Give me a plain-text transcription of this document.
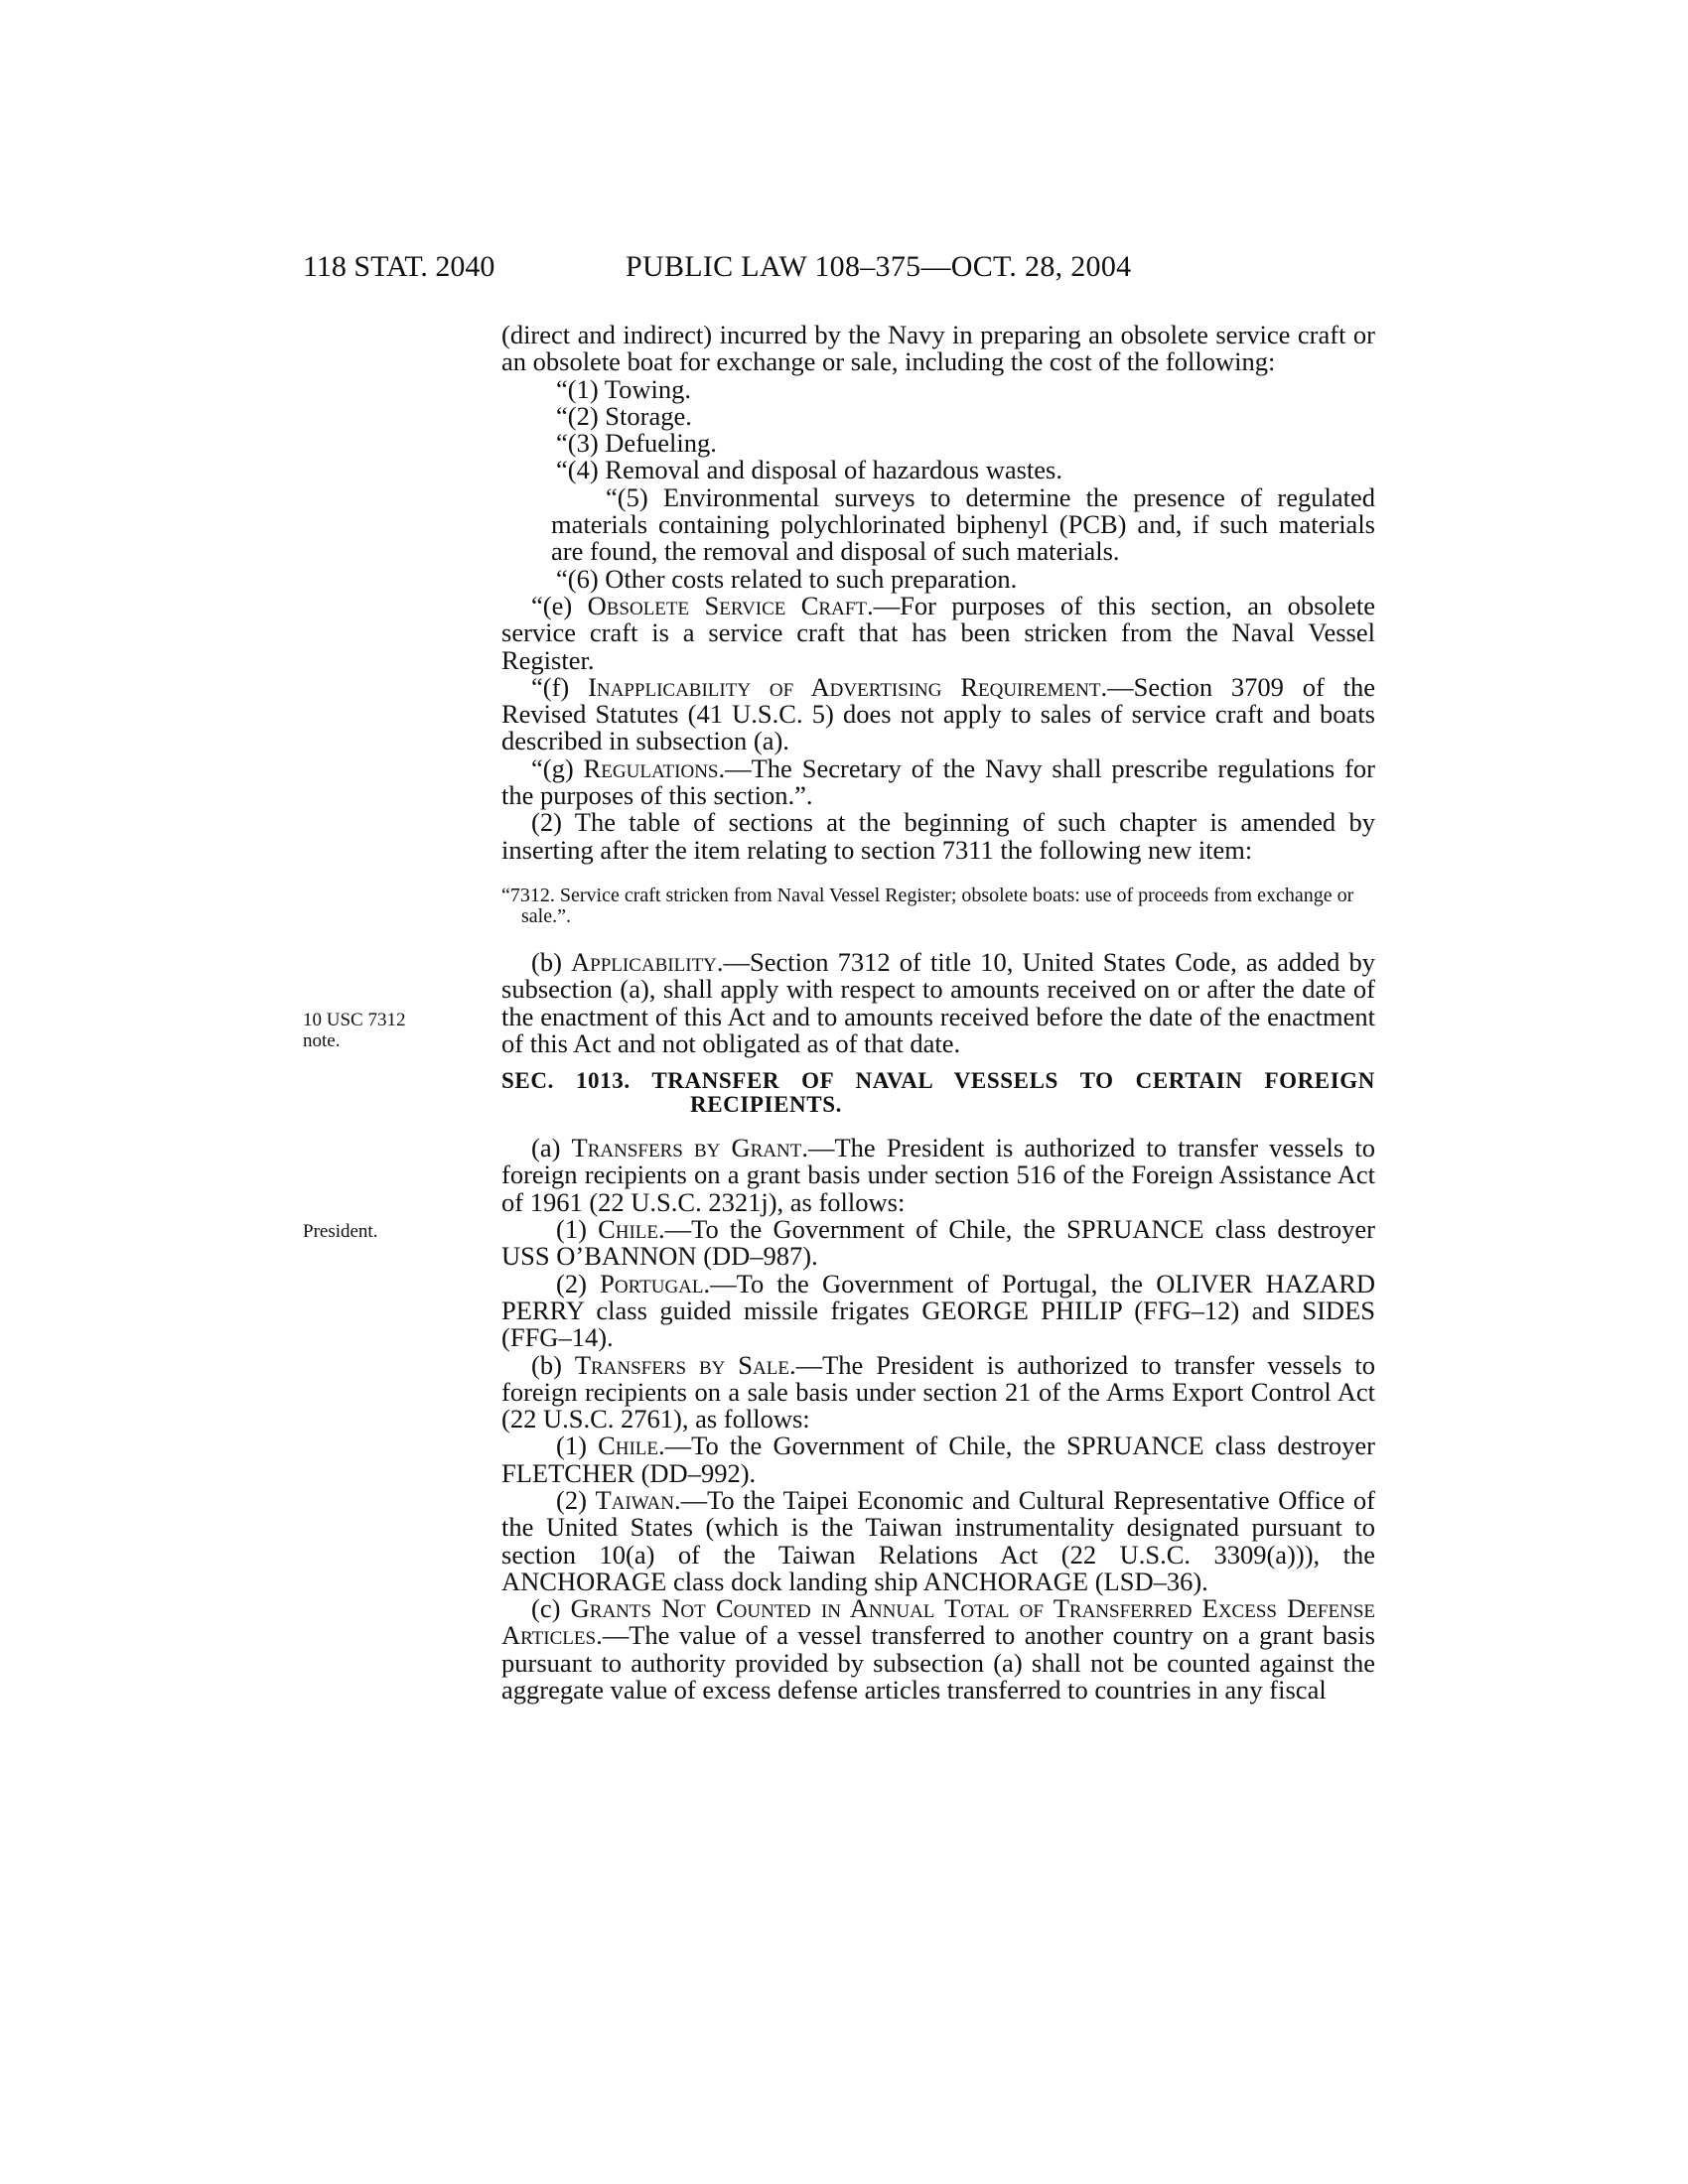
118 STAT. 2040	PUBLIC LAW 108–375—OCT. 28, 2004
10 USC 7312
note.
President.

(direct and indirect) incurred by the Navy in preparing an obsolete service craft or an obsolete boat for exchange or sale, including the cost of the following:

“(1) Towing.

“(2) Storage.

“(3) Defueling.

“(4) Removal and disposal of hazardous wastes.

“(5) Environmental surveys to determine the presence of regulated materials containing polychlorinated biphenyl (PCB) and, if such materials are found, the removal and disposal of such materials.

“(6) Other costs related to such preparation.

“(e) Obsolete Service Craft.—For purposes of this section, an obsolete service craft is a service craft that has been stricken from the Naval Vessel Register.

“(f) Inapplicability of Advertising Requirement.—Section 3709 of the Revised Statutes (41 U.S.C. 5) does not apply to sales of service craft and boats described in subsection (a).

“(g) Regulations.—The Secretary of the Navy shall prescribe regulations for the purposes of this section.”.

(2) The table of sections at the beginning of such chapter is amended by inserting after the item relating to section 7311 the following new item:

“7312. Service craft stricken from Naval Vessel Register; obsolete boats: use of proceeds from exchange or sale.”.

(b) Applicability.—Section 7312 of title 10, United States Code, as added by subsection (a), shall apply with respect to amounts received on or after the date of the enactment of this Act and to amounts received before the date of the enactment of this Act and not obligated as of that date.

SEC. 1013. TRANSFER OF NAVAL VESSELS TO CERTAIN FOREIGN RECIPIENTS.

(a) Transfers by Grant.—The President is authorized to transfer vessels to foreign recipients on a grant basis under section 516 of the Foreign Assistance Act of 1961 (22 U.S.C. 2321j), as follows:

(1) Chile.—To the Government of Chile, the SPRUANCE class destroyer USS O’BANNON (DD–987).

(2) Portugal.—To the Government of Portugal, the OLIVER HAZARD PERRY class guided missile frigates GEORGE PHILIP (FFG–12) and SIDES (FFG–14).

(b) Transfers by Sale.—The President is authorized to transfer vessels to foreign recipients on a sale basis under section 21 of the Arms Export Control Act (22 U.S.C. 2761), as follows:

(1) Chile.—To the Government of Chile, the SPRUANCE class destroyer FLETCHER (DD–992).

(2) Taiwan.—To the Taipei Economic and Cultural Representative Office of the United States (which is the Taiwan instrumentality designated pursuant to section 10(a) of the Taiwan Relations Act (22 U.S.C. 3309(a))), the ANCHORAGE class dock landing ship ANCHORAGE (LSD–36).

(c) Grants Not Counted in Annual Total of Transferred Excess Defense Articles.—The value of a vessel transferred to another country on a grant basis pursuant to authority provided by subsection (a) shall not be counted against the aggregate value of excess defense articles transferred to countries in any fiscal
